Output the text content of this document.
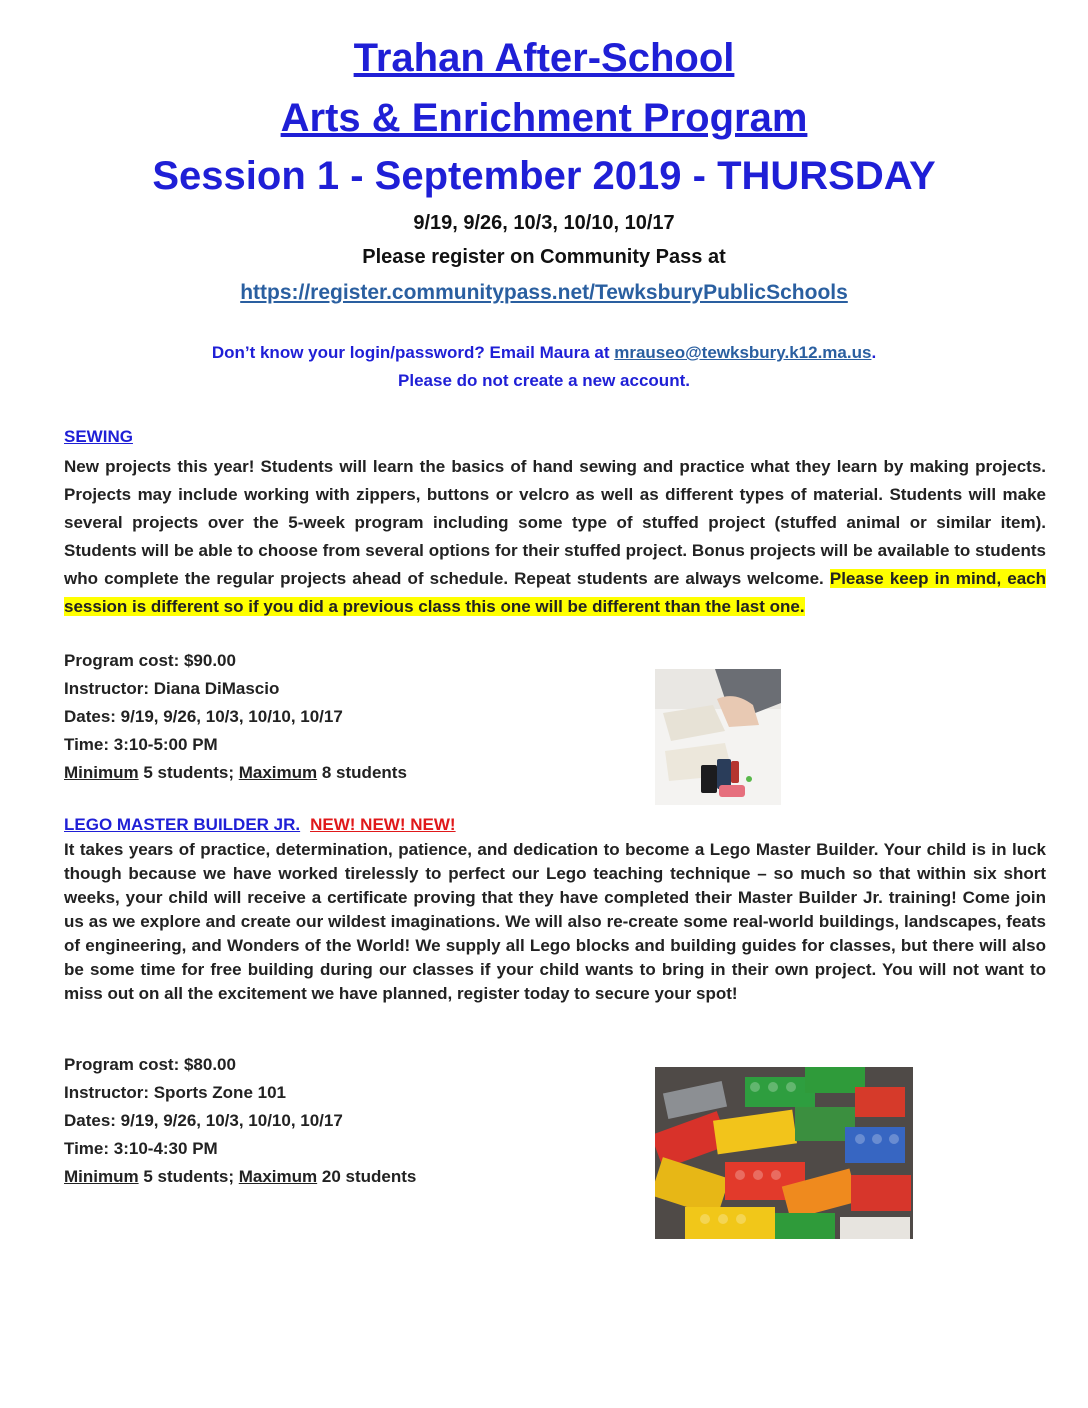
Trahan After-School
Arts & Enrichment Program
Session 1 - September 2019 - THURSDAY
9/19, 9/26, 10/3, 10/10, 10/17
Please register on Community Pass at
https://register.communitypass.net/TewksburyPublicSchools
Don’t know your login/password? Email Maura at mrauseo@tewksbury.k12.ma.us.
Please do not create a new account.
SEWING
New projects this year! Students will learn the basics of hand sewing and practice what they learn by making projects. Projects may include working with zippers, buttons or velcro as well as different types of material. Students will make several projects over the 5-week program including some type of stuffed project (stuffed animal or similar item). Students will be able to choose from several options for their stuffed project. Bonus projects will be available to students who complete the regular projects ahead of schedule. Repeat students are always welcome. Please keep in mind, each session is different so if you did a previous class this one will be different than the last one.
Program cost: $90.00
Instructor: Diana DiMascio
Dates: 9/19, 9/26, 10/3, 10/10, 10/17
Time: 3:10-5:00 PM
Minimum 5 students; Maximum 8 students
LEGO MASTER BUILDER JR. NEW! NEW! NEW!
It takes years of practice, determination, patience, and dedication to become a Lego Master Builder. Your child is in luck though because we have worked tirelessly to perfect our Lego teaching technique – so much so that within six short weeks, your child will receive a certificate proving that they have completed their Master Builder Jr. training! Come join us as we explore and create our wildest imaginations. We will also re-create some real-world buildings, landscapes, feats of engineering, and Wonders of the World! We supply all Lego blocks and building guides for classes, but there will also be some time for free building during our classes if your child wants to bring in their own project. You will not want to miss out on all the excitement we have planned, register today to secure your spot!
Program cost: $80.00
Instructor: Sports Zone 101
Dates: 9/19, 9/26, 10/3, 10/10, 10/17
Time: 3:10-4:30 PM
Minimum 5 students; Maximum 20 students
